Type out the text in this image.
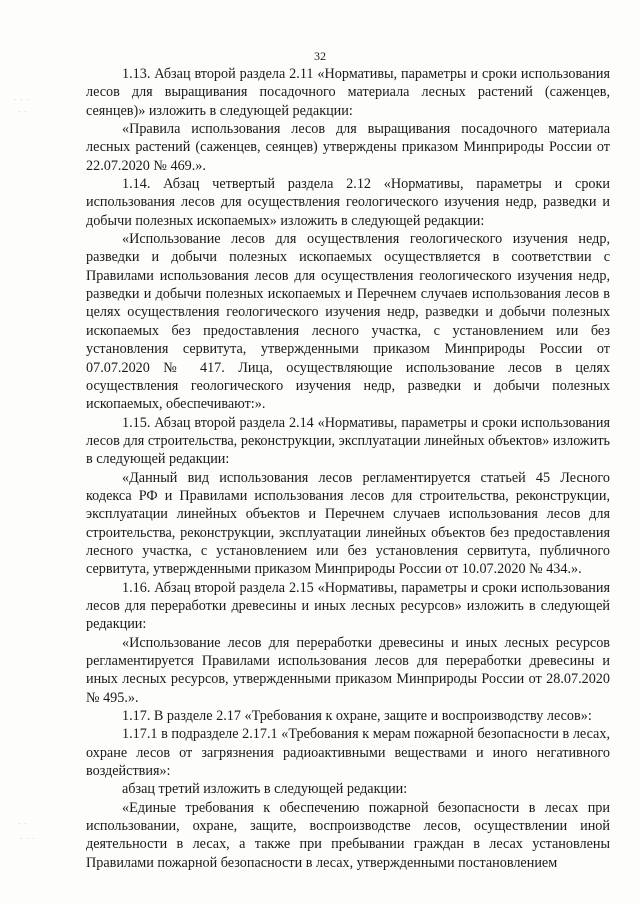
32
· · ·
· ·
· ·
· · ·

1.13. Абзац второй раздела 2.11 «Нормативы, параметры и сроки использования лесов для выращивания посадочного материала лесных растений (саженцев, сеянцев)» изложить в следующей редакции:

«Правила использования лесов для выращивания посадочного материала лесных растений (саженцев, сеянцев) утверждены приказом Минприроды России от 22.07.2020 № 469.».

1.14. Абзац четвертый раздела 2.12 «Нормативы, параметры и сроки использования лесов для осуществления геологического изучения недр, разведки и добычи полезных ископаемых» изложить в следующей редакции:

«Использование лесов для осуществления геологического изучения недр, разведки и добычи полезных ископаемых осуществляется в соответствии с Правилами использования лесов для осуществления геологического изучения недр, разведки и добычи полезных ископаемых и Перечнем случаев использования лесов в целях осуществления геологического изучения недр, разведки и добычи полезных ископаемых без предоставления лесного участка, с установлением или без установления сервитута, утвержденными приказом Минприроды России от 07.07.2020 № 417. Лица, осуществляющие использование лесов в целях осуществления геологического изучения недр, разведки и добычи полезных ископаемых, обеспечивают:».

1.15. Абзац второй раздела 2.14 «Нормативы, параметры и сроки использования лесов для строительства, реконструкции, эксплуатации линейных объектов» изложить в следующей редакции:

«Данный вид использования лесов регламентируется статьей 45 Лесного кодекса РФ и Правилами использования лесов для строительства, реконструкции, эксплуатации линейных объектов и Перечнем случаев использования лесов для строительства, реконструкции, эксплуатации линейных объектов без предоставления лесного участка, с установлением или без установления сервитута, публичного сервитута, утвержденными приказом Минприроды России от 10.07.2020 № 434.».

1.16. Абзац второй раздела 2.15 «Нормативы, параметры и сроки использования лесов для переработки древесины и иных лесных ресурсов» изложить в следующей редакции:

«Использование лесов для переработки древесины и иных лесных ресурсов регламентируется Правилами использования лесов для переработки древесины и иных лесных ресурсов, утвержденными приказом Минприроды России от 28.07.2020 № 495.».

1.17. В разделе 2.17 «Требования к охране, защите и воспроизводству лесов»:

1.17.1 в подразделе 2.17.1 «Требования к мерам пожарной безопасности в лесах, охране лесов от загрязнения радиоактивными веществами и иного негативного воздействия»:

абзац третий изложить в следующей редакции:

«Единые требования к обеспечению пожарной безопасности в лесах при использовании, охране, защите, воспроизводстве лесов, осуществлении иной деятельности в лесах, а также при пребывании граждан в лесах установлены Правилами пожарной безопасности в лесах, утвержденными постановлением
